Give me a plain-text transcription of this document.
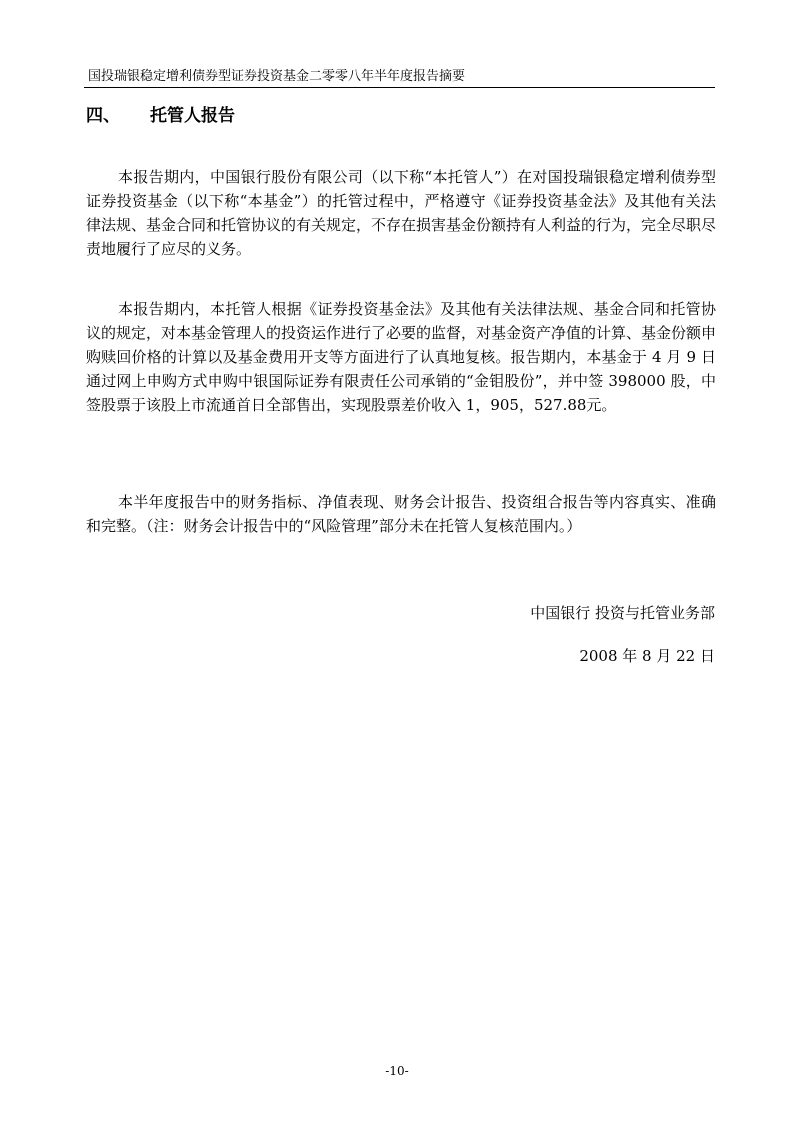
国投瑞银稳定增利债券型证券投资基金二零零八年半年度报告摘要
四、 托管人报告

本报告期内，中国银行股份有限公司（以下称“本托管人”）在对国投瑞银稳定增利债券型证券投资基金（以下称“本基金”）的托管过程中，严格遵守《证券投资基金法》及其他有关法律法规、基金合同和托管协议的有关规定，不存在损害基金份额持有人利益的行为，完全尽职尽责地履行了应尽的义务。

本报告期内，本托管人根据《证券投资基金法》及其他有关法律法规、基金合同和托管协议的规定，对本基金管理人的投资运作进行了必要的监督，对基金资产净值的计算、基金份额申购赎回价格的计算以及基金费用开支等方面进行了认真地复核。报告期内，本基金于 4 月 9 日通过网上申购方式申购中银国际证券有限责任公司承销的“金钼股份”，并中签 398000 股，中签股票于该股上市流通首日全部售出，实现股票差价收入 1，905，527.88元。

本半年度报告中的财务指标、净值表现、财务会计报告、投资组合报告等内容真实、准确和完整。（注：财务会计报告中的“风险管理”部分未在托管人复核范围内。）

中国银行 投资与托管业务部
2008 年 8 月 22 日
-10-
